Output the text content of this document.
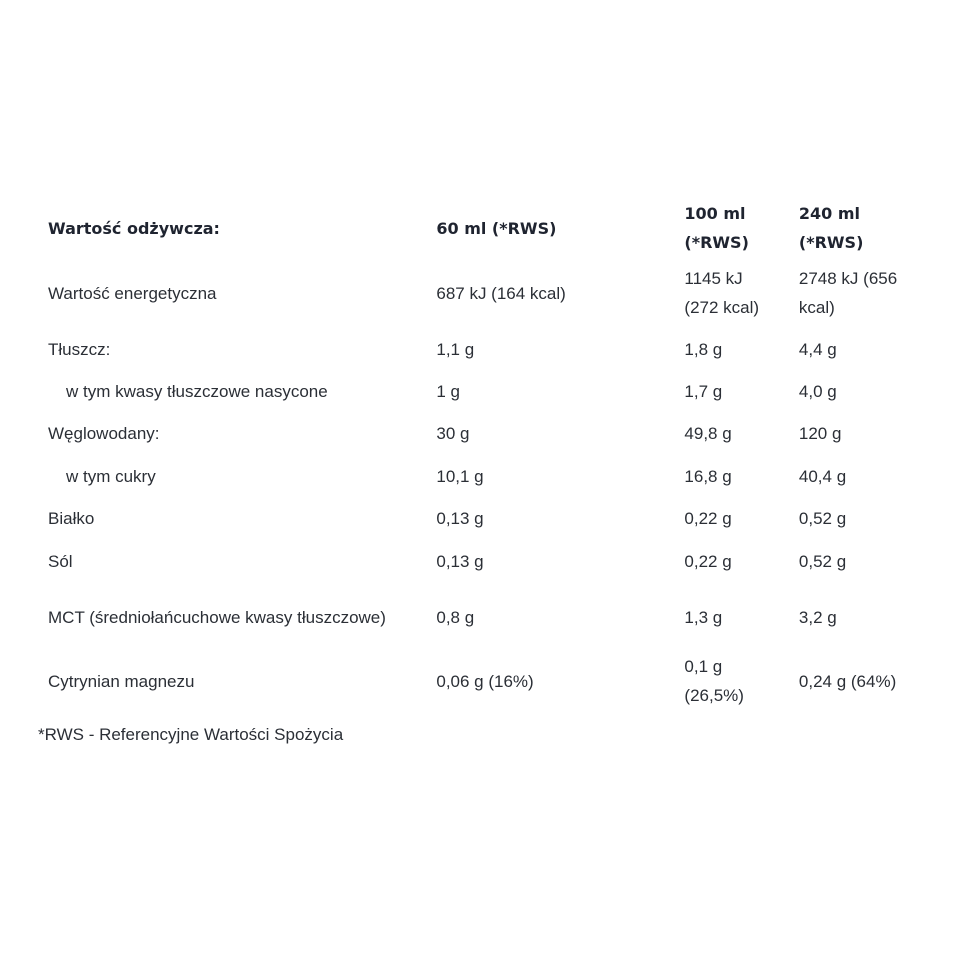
Wartość odżywcza:	60 ml (*RWS)	100 ml (*RWS)	240 ml (*RWS)
Wartość energetyczna	687 kJ (164 kcal)	1145 kJ (272 kcal)	2748 kJ (656 kcal)
Tłuszcz:	1,1 g	1,8 g	4,4 g
w tym kwasy tłuszczowe nasycone	1 g	1,7 g	4,0 g
Węglowodany:	30 g	49,8 g	120 g
w tym cukry	10,1 g	16,8 g	40,4 g
Białko	0,13 g	0,22 g	0,52 g
Sól	0,13 g	0,22 g	0,52 g
MCT (średniołańcuchowe kwasy tłuszczowe)	0,8 g	1,3 g	3,2 g
Cytrynian magnezu	0,06 g (16%)	0,1 g (26,5%)	0,24 g (64%)

*RWS - Referencyjne Wartości Spożycia
